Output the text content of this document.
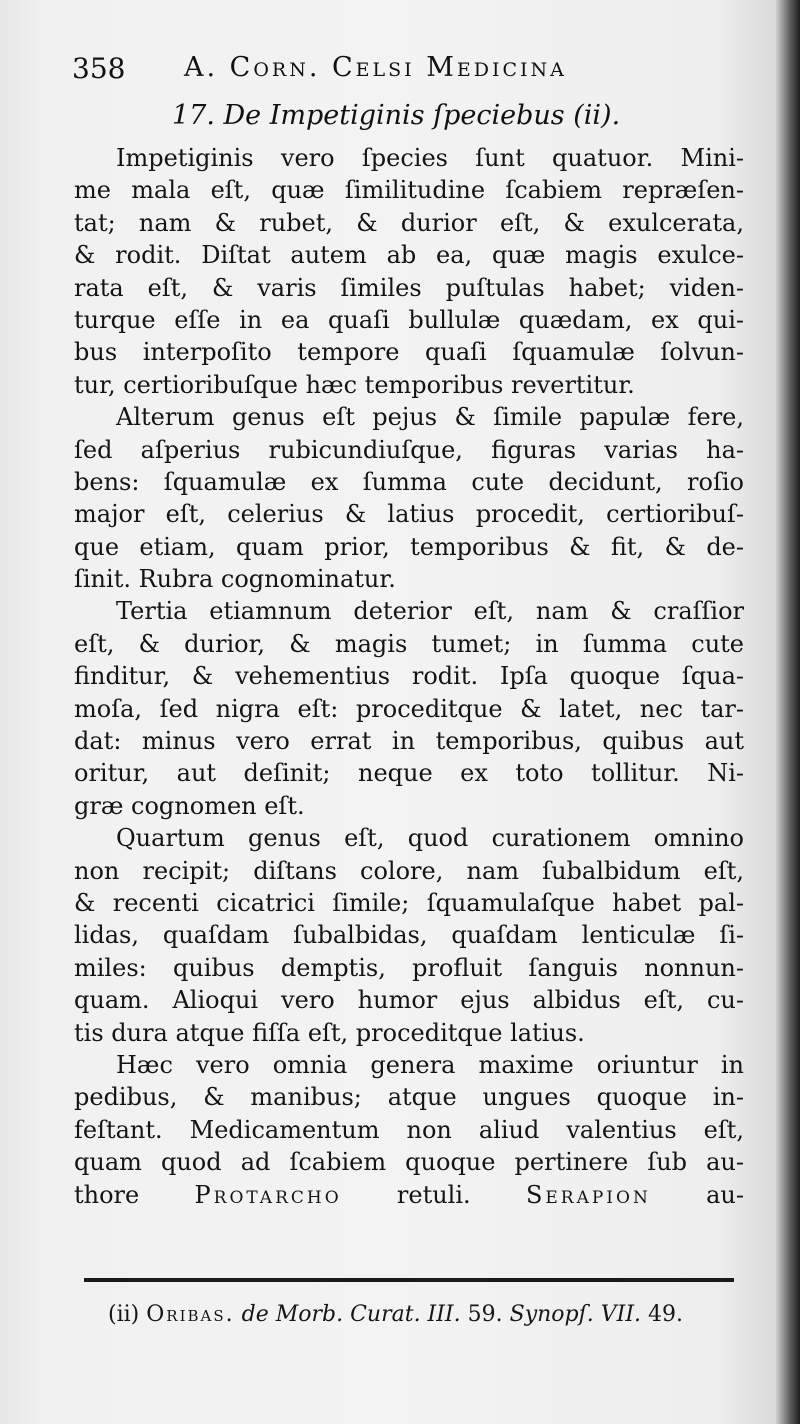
358 A. Corn. Celsi Medicina
17. De Impetiginis ſpeciebus (ii).
Impetiginis vero ſpecies ſunt quatuor. Mini-
me mala eſt, quæ ſimilitudine ſcabiem repræſen-
tat; nam & rubet, & durior eſt, & exulcerata,
& rodit. Diſtat autem ab ea, quæ magis exulce-
rata eſt, & varis ſimiles puſtulas habet; viden-
turque eſſe in ea quaſi bullulæ quædam, ex qui-
bus interpoſito tempore quaſi ſquamulæ ſolvun-
tur, certioribuſque hæc temporibus revertitur.
Alterum genus eſt pejus & ſimile papulæ fere,
ſed aſperius rubicundiuſque, figuras varias ha-
bens: ſquamulæ ex ſumma cute decidunt, roſio
major eſt, celerius & latius procedit, certioribuſ-
que etiam, quam prior, temporibus & fit, & de-
ſinit. Rubra cognominatur.
Tertia etiamnum deterior eſt, nam & craſſior
eſt, & durior, & magis tumet; in ſumma cute
finditur, & vehementius rodit. Ipſa quoque ſqua-
moſa, ſed nigra eſt: proceditque & latet, nec tar-
dat: minus vero errat in temporibus, quibus aut
oritur, aut deſinit; neque ex toto tollitur. Ni-
græ cognomen eſt.
Quartum genus eſt, quod curationem omnino
non recipit; diſtans colore, nam ſubalbidum eſt,
& recenti cicatrici ſimile; ſquamulaſque habet pal-
lidas, quaſdam ſubalbidas, quaſdam lenticulæ ſi-
miles: quibus demptis, profluit ſanguis nonnun-
quam. Alioqui vero humor ejus albidus eſt, cu-
tis dura atque fiſſa eſt, proceditque latius.
Hæc vero omnia genera maxime oriuntur in
pedibus, & manibus; atque ungues quoque in-
feſtant. Medicamentum non aliud valentius eſt,
quam quod ad ſcabiem quoque pertinere ſub au-
thore Protarcho retuli. Serapion au-
(ii) Oribas. de Morb. Curat. III. 59. Synopſ. VII. 49.
